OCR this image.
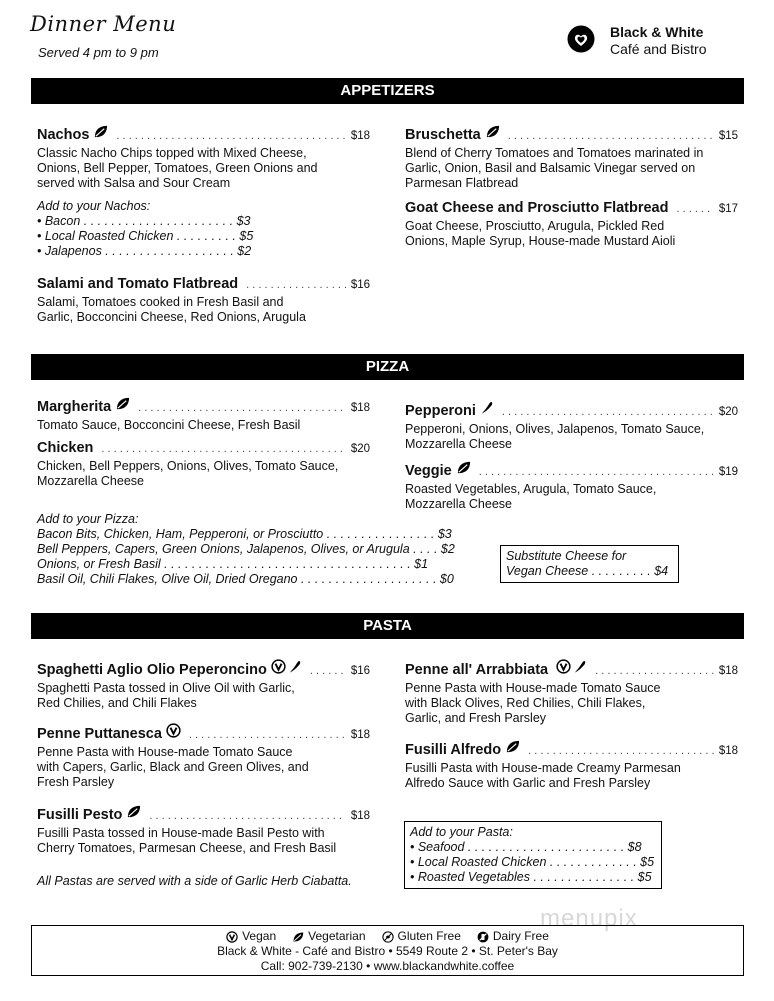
Dinner Menu
Served 4 pm to 9 pm
Black & White
Café and Bistro
APPETIZERS
Nachos . . .	$18
Classic Nacho Chips topped with Mixed Cheese,
Onions, Bell Pepper, Tomatoes, Green Onions and
served with Salsa and Sour Cream
Add to your Nachos:
• Bacon . . . . . . . . . . . . . . . . . . . . . . $3
• Local Roasted Chicken . . . . . . . . . $5
• Jalapenos . . . . . . . . . . . . . . . . . . . $2
Salami and Tomato Flatbread . . .	$16
Salami, Tomatoes cooked in Fresh Basil and
Garlic, Bocconcini Cheese, Red Onions, Arugula
Bruschetta . . .	$15
Blend of Cherry Tomatoes and Tomatoes marinated in
Garlic, Onion, Basil and Balsamic Vinegar served on
Parmesan Flatbread
Goat Cheese and Prosciutto Flatbread . . .	$17
Goat Cheese, Prosciutto, Arugula, Pickled Red
Onions, Maple Syrup, House-made Mustard Aioli
PIZZA
Margherita . . .	$18
Tomato Sauce, Bocconcini Cheese, Fresh Basil
Chicken . . .	$20
Chicken, Bell Peppers, Onions, Olives, Tomato Sauce,
Mozzarella Cheese
Pepperoni . . .	$20
Pepperoni, Onions, Olives, Jalapenos, Tomato Sauce,
Mozzarella Cheese
Veggie . . .	$19
Roasted Vegetables, Arugula, Tomato Sauce,
Mozzarella Cheese
Add to your Pizza:
Bacon Bits, Chicken, Ham, Pepperoni, or Prosciutto . . . . . . . . . . . . . . . . $3
Bell Peppers, Capers, Green Onions, Jalapenos, Olives, or Arugula . . . . $2
Onions, or Fresh Basil . . . . . . . . . . . . . . . . . . . . . . . . . . . . . . . . . . . . $1
Basil Oil, Chili Flakes, Olive Oil, Dried Oregano . . . . . . . . . . . . . . . . . . . . $0
Substitute Cheese for
Vegan Cheese . . . . . . . . . $4
PASTA
Spaghetti Aglio Olio Peperoncino . . .	$16
Spaghetti Pasta tossed in Olive Oil with Garlic,
Red Chilies, and Chili Flakes
Penne Puttanesca . . .	$18
Penne Pasta with House-made Tomato Sauce
with Capers, Garlic, Black and Green Olives, and
Fresh Parsley
Fusilli Pesto . . .	$18
Fusilli Pasta tossed in House-made Basil Pesto with
Cherry Tomatoes, Parmesan Cheese, and Fresh Basil
All Pastas are served with a side of Garlic Herb Ciabatta.
Penne all' Arrabbiata . . .	$18
Penne Pasta with House-made Tomato Sauce
with Black Olives, Red Chilies, Chili Flakes,
Garlic, and Fresh Parsley
Fusilli Alfredo . . .	$18
Fusilli Pasta with House-made Creamy Parmesan
Alfredo Sauce with Garlic and Fresh Parsley
Add to your Pasta:
• Seafood . . . . . . . . . . . . . . . . . . . . . . . $8
• Local Roasted Chicken . . . . . . . . . . . . . $5
• Roasted Vegetables . . . . . . . . . . . . . . . $5
menupix
Vegan	Vegetarian	Gluten Free	Dairy Free
Black & White - Café and Bistro • 5549 Route 2 • St. Peter's Bay
Call: 902-739-2130 • www.blackandwhite.coffee
